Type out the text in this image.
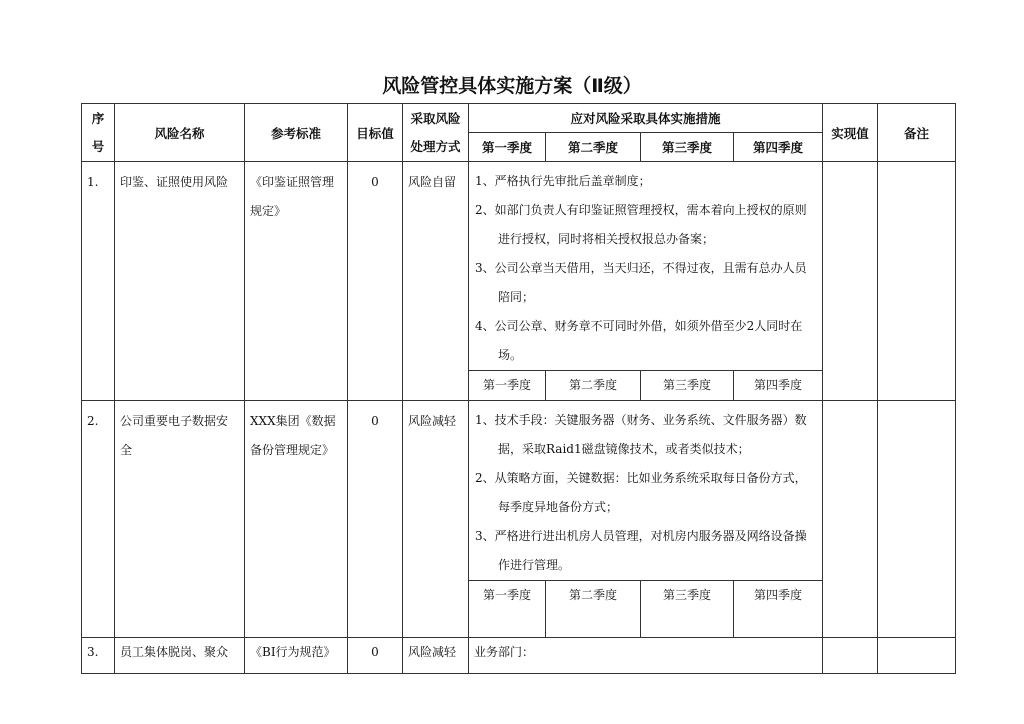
风险管控具体实施方案（Ⅱ级）
序
号	风险名称	参考标准	目标值	采取风险
处理方式	应对风险采取具体实施措施				实现值	备注
					第一季度	第二季度	第三季度	第四季度		
1.	印鉴、证照使用风险	《印鉴证照管理规定》	0	风险自留	1、严格执行先审批后盖章制度；
2、如部门负责人有印鉴证照管理授权，需本着向上授权的原则进行授权，同时将相关授权报总办备案；
3、公司公章当天借用，当天归还，不得过夜，且需有总办人员陪同；
4、公司公章、财务章不可同时外借，如须外借至少2人同时在场。					

					第一季度	第二季度	第三季度	第四季度		
2.	公司重要电子数据安全	XXX集团《数据备份管理规定》	0	风险减轻	1、技术手段：关键服务器（财务、业务系统、文件服务器）数据，采取Raid1磁盘镜像技术，或者类似技术；
2、从策略方面，关键数据：比如业务系统采取每日备份方式，每季度异地备份方式；
3、严格进行进出机房人员管理，对机房内服务器及网络设备操作进行管理。					

					第一季度	第二季度	第三季度	第四季度		
3.	员工集体脱岗、聚众	《BI行为规范》	0	风险减轻	业务部门：					
